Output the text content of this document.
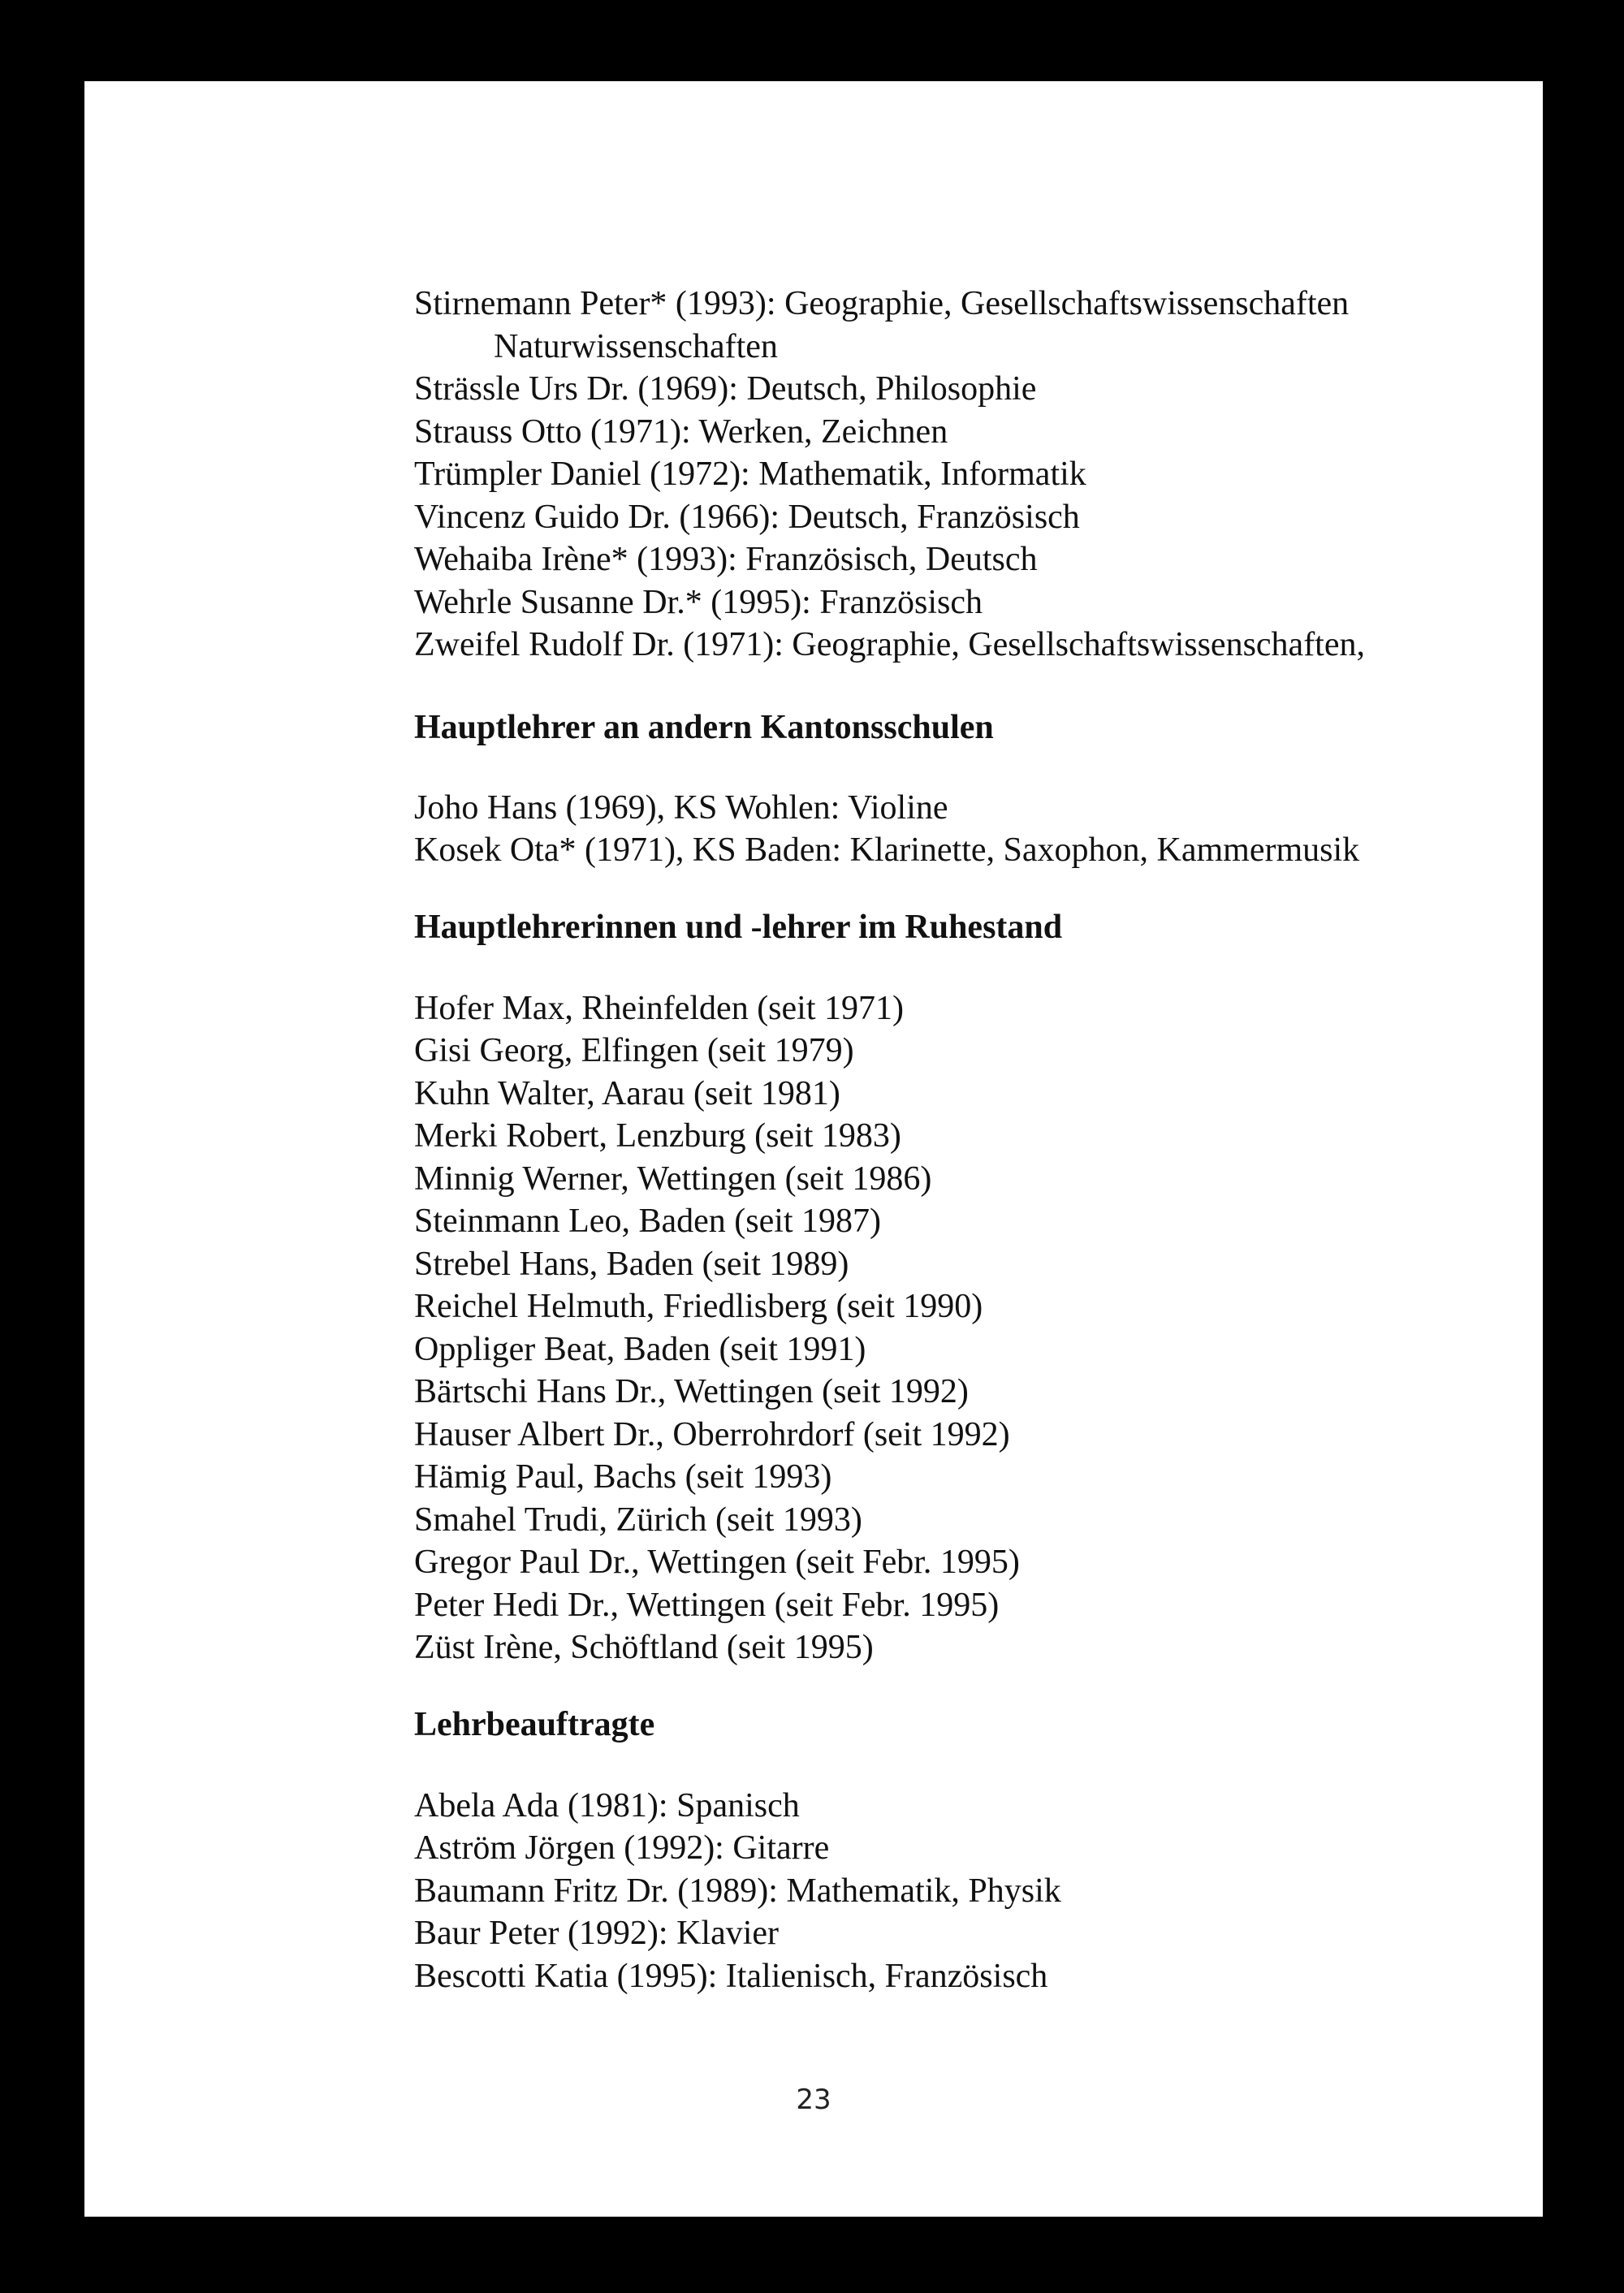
Stirnemann Peter* (1993): Geographie, Gesellschaftswissenschaften
Naturwissenschaften
Strässle Urs Dr. (1969): Deutsch, Philosophie
Strauss Otto (1971): Werken, Zeichnen
Trümpler Daniel (1972): Mathematik, Informatik
Vincenz Guido Dr. (1966): Deutsch, Französisch
Wehaiba Irène* (1993): Französisch, Deutsch
Wehrle Susanne Dr.* (1995): Französisch
Zweifel Rudolf Dr. (1971): Geographie, Gesellschaftswissenschaften,
Hauptlehrer an andern Kantonsschulen
Joho Hans (1969), KS Wohlen: Violine
Kosek Ota* (1971), KS Baden: Klarinette, Saxophon, Kammermusik
Hauptlehrerinnen und -lehrer im Ruhestand
Hofer Max, Rheinfelden (seit 1971)
Gisi Georg, Elfingen (seit 1979)
Kuhn Walter, Aarau (seit 1981)
Merki Robert, Lenzburg (seit 1983)
Minnig Werner, Wettingen (seit 1986)
Steinmann Leo, Baden (seit 1987)
Strebel Hans, Baden (seit 1989)
Reichel Helmuth, Friedlisberg (seit 1990)
Oppliger Beat, Baden (seit 1991)
Bärtschi Hans Dr., Wettingen (seit 1992)
Hauser Albert Dr., Oberrohrdorf (seit 1992)
Hämig Paul, Bachs (seit 1993)
Smahel Trudi, Zürich (seit 1993)
Gregor Paul Dr., Wettingen (seit Febr. 1995)
Peter Hedi Dr., Wettingen (seit Febr. 1995)
Züst Irène, Schöftland (seit 1995)
Lehrbeauftragte
Abela Ada (1981): Spanisch
Aström Jörgen (1992): Gitarre
Baumann Fritz Dr. (1989): Mathematik, Physik
Baur Peter (1992): Klavier
Bescotti Katia (1995): Italienisch, Französisch
23
